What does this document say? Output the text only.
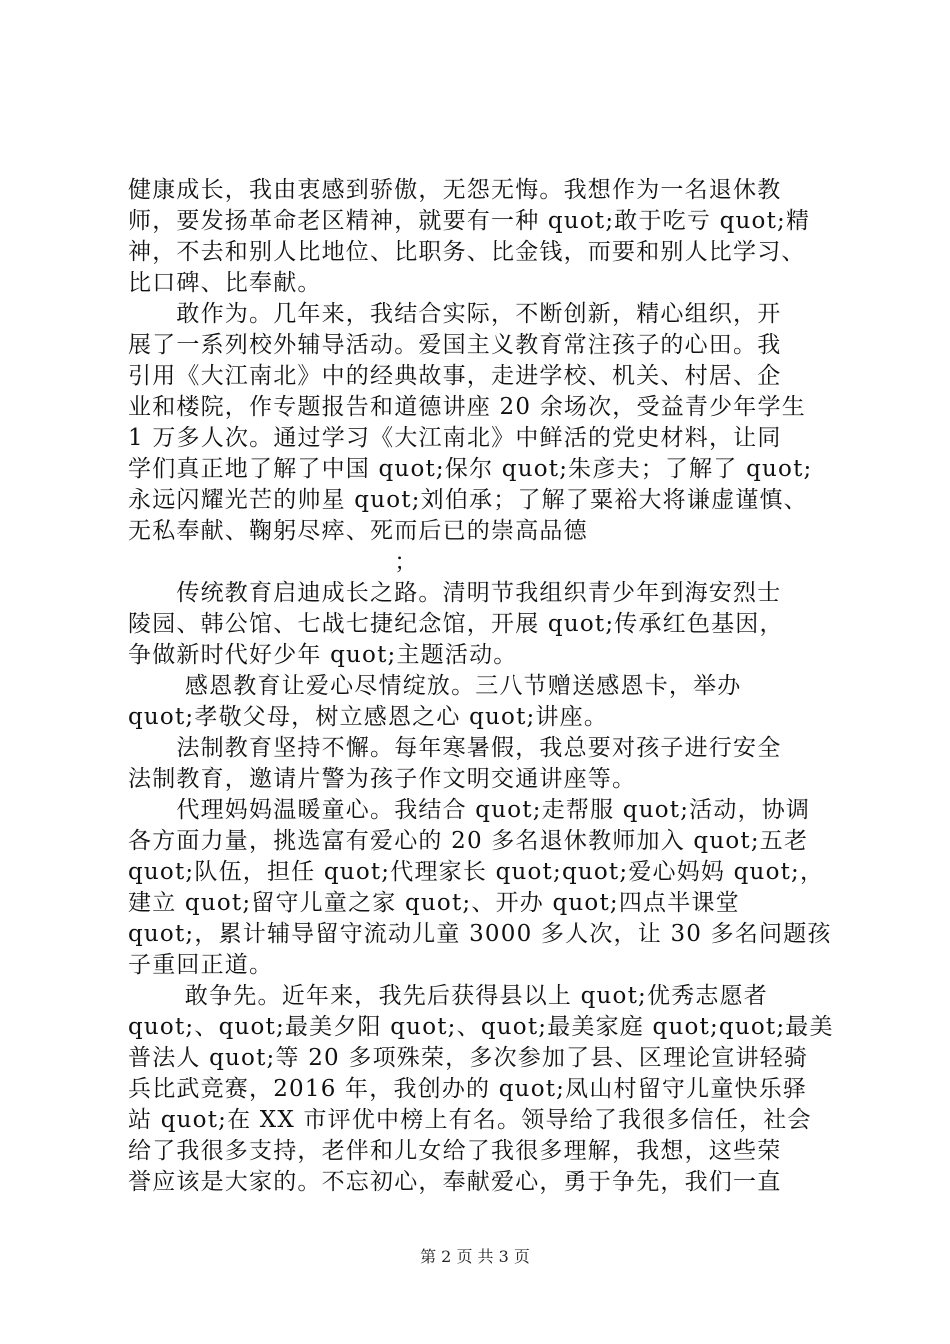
健康成长，我由衷感到骄傲，无怨无悔。我想作为一名退休教
师，要发扬革命老区精神，就要有一种 quot;敢于吃亏 quot;精
神，不去和别人比地位、比职务、比金钱，而要和别人比学习、
比口碑、比奉献。
　　敢作为。几年来，我结合实际，不断创新，精心组织，开
展了一系列校外辅导活动。爱国主义教育常注孩子的心田。我
引用《大江南北》中的经典故事，走进学校、机关、村居、企
业和楼院，作专题报告和道德讲座 20 余场次，受益青少年学生
1 万多人次。通过学习《大江南北》中鲜活的党史材料，让同
学们真正地了解了中国 quot;保尔 quot;朱彦夫；了解了 quot;
永远闪耀光芒的帅星 quot;刘伯承；了解了粟裕大将谦虚谨慎、
无私奉献、鞠躬尽瘁、死而后已的崇高品德
　　　　　　　　　　　；
　　传统教育启迪成长之路。清明节我组织青少年到海安烈士
陵园、韩公馆、七战七捷纪念馆，开展 quot;传承红色基因，
争做新时代好少年 quot;主题活动。
　　 感恩教育让爱心尽情绽放。三八节赠送感恩卡，举办
quot;孝敬父母，树立感恩之心 quot;讲座。
　　法制教育坚持不懈。每年寒暑假，我总要对孩子进行安全
法制教育，邀请片警为孩子作文明交通讲座等。
　　代理妈妈温暖童心。我结合 quot;走帮服 quot;活动，协调
各方面力量，挑选富有爱心的 20 多名退休教师加入 quot;五老
quot;队伍，担任 quot;代理家长 quot;quot;爱心妈妈 quot;，
建立 quot;留守儿童之家 quot;、开办 quot;四点半课堂
quot;，累计辅导留守流动儿童 3000 多人次，让 30 多名问题孩
子重回正道。
　　 敢争先。近年来，我先后获得县以上 quot;优秀志愿者
quot;、quot;最美夕阳 quot;、quot;最美家庭 quot;quot;最美
普法人 quot;等 20 多项殊荣，多次参加了县、区理论宣讲轻骑
兵比武竞赛，2016 年，我创办的 quot;凤山村留守儿童快乐驿
站 quot;在 XX 市评优中榜上有名。领导给了我很多信任，社会
给了我很多支持，老伴和儿女给了我很多理解，我想，这些荣
誉应该是大家的。不忘初心，奉献爱心，勇于争先，我们一直
第 2 页 共 3 页
